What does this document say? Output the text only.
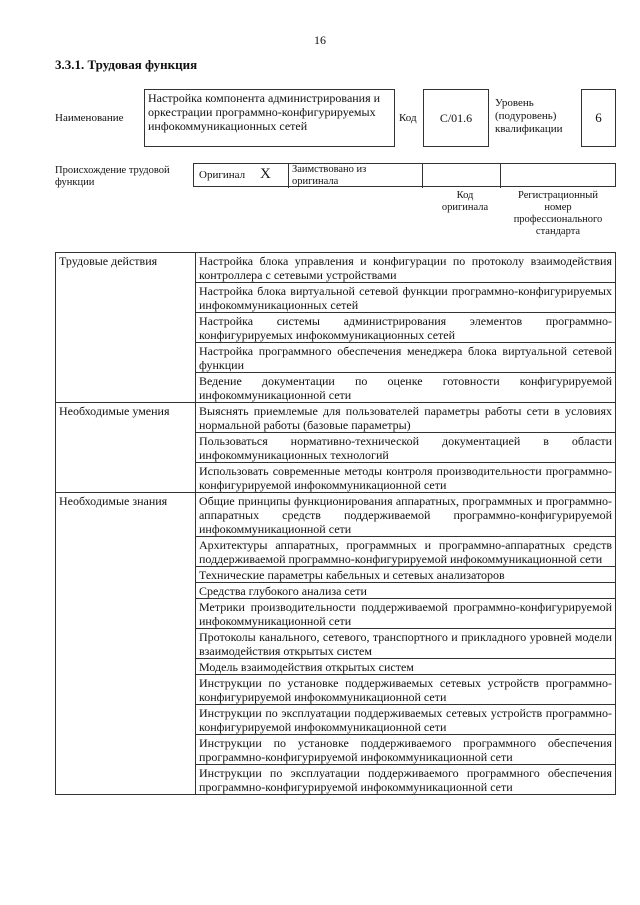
16
3.3.1. Трудовая функция
Наименование
Настройка компонента администрирования и оркестрации программно-конфигурируемых инфокоммуникационных сетей
Код	С/01.6
Уровень (подуровень) квалификации
6
Происхождение трудовой функции
Оригинал X Заимствовано из оригинала
Код оригинала
Регистрационный номер профессионального стандарта
Трудовые действия	Настройка блока управления и конфигурации по протоколу взаимодействия контроллера с сетевыми устройствами
	Настройка блока виртуальной сетевой функции программно-конфигурируемых инфокоммуникационных сетей
	Настройка системы администрирования элементов программно-конфигурируемых инфокоммуникационных сетей
	Настройка программного обеспечения менеджера блока виртуальной сетевой функции
	Ведение документации по оценке готовности конфигурируемой инфокоммуникационной сети
Необходимые умения	Выяснять приемлемые для пользователей параметры работы сети в условиях нормальной работы (базовые параметры)
	Пользоваться нормативно-технической документацией в области инфокоммуникационных технологий
	Использовать современные методы контроля производительности программно-конфигурируемой инфокоммуникационной сети
Необходимые знания	Общие принципы функционирования аппаратных, программных и программно-аппаратных средств поддерживаемой программно-конфигурируемой инфокоммуникационной сети
	Архитектуры аппаратных, программных и программно-аппаратных средств поддерживаемой программно-конфигурируемой инфокоммуникационной сети
	Технические параметры кабельных и сетевых анализаторов
	Средства глубокого анализа сети
	Метрики производительности поддерживаемой программно-конфигурируемой инфокоммуникационной сети
	Протоколы канального, сетевого, транспортного и прикладного уровней модели взаимодействия открытых систем
	Модель взаимодействия открытых систем
	Инструкции по установке поддерживаемых сетевых устройств программно-конфигурируемой инфокоммуникационной сети
	Инструкции по эксплуатации поддерживаемых сетевых устройств программно-конфигурируемой инфокоммуникационной сети
	Инструкции по установке поддерживаемого программного обеспечения программно-конфигурируемой инфокоммуникационной сети
	Инструкции по эксплуатации поддерживаемого программного обеспечения программно-конфигурируемой инфокоммуникационной сети
